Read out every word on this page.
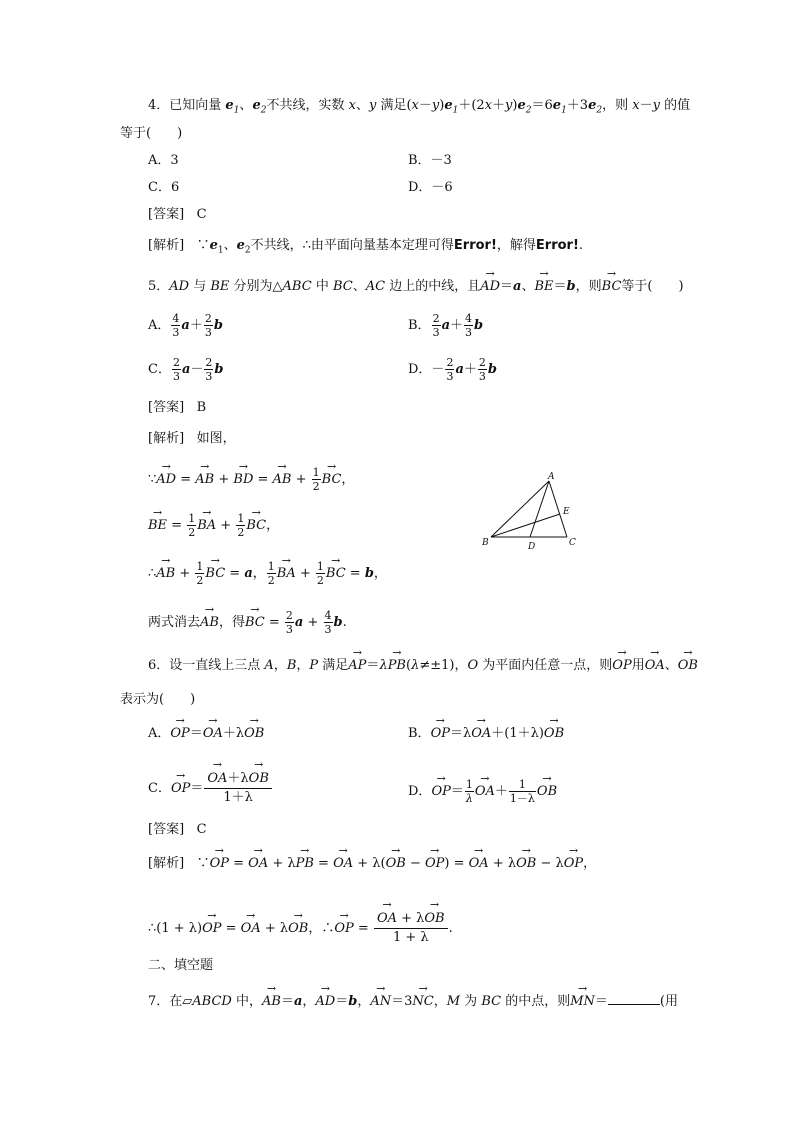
4．已知向量 $e_1$、$e_2$不共线，实数 x、y 满足$(x-y)e_1+(2x+y)e_2=6e_1+3e_2$，则 x－y 的值
等于(　　)
A．3	B．－3
C．6	D．－6
[答案] C
[解析] $\because e_1$、$e_2$不共线，∴由平面向量基本定理可得Error!，解得Error!.
5．AD 与 BE 分别为△ABC 中 BC、AC 边上的中线，且→ AD＝a、→ BE＝b，则→ BC等于(　　)
A． $\frac{4}{3} a+ \frac{2}{3}$ b	B． $\frac{2}{3} a+ \frac{4}{3}$ b
C． $\frac{2}{3} a- \frac{2}{3}$ b	D．－ $\frac{2}{3} a+ \frac{2}{3}$ b
[答案] B
[解析] 如图，
∵→ AD = → AB + → BD = → AB + $\frac{1}{2}$
→ BC，
→ BE = $\frac{1}{2}$
→ BA + $\frac{1}{2}$
→ BC，
∴→ AB + $\frac{1}{2}$
→ BC = a， $\frac{1}{2}$
→ BA + $\frac{1}{2}$
→ BC = b，
两式消去→ AB，得→ BC = $\frac{2}{3}$ $a + \frac{4}{3} b$.
A
B	C
D
E
6．设一直线上三点 A，B，P 满足→ AP＝λ→ PB(λ≠±1)，O 为平面内任意一点，则→ OP用→ OA、→ OB
表示为(　　)
A．→ OP＝→ OA＋λ→ OB	B．→ OP＝λ→ OA＋(1＋λ)→ OB
C．→ OP＝
→ OA＋λ→ OB
1＋λ	D．→ $OP= \frac{1}{\lambda}$
→ $OA+ \frac{1}{1-\lambda}$
→ OB
[答案] C
[解析] ∵→ OP = → OA + λ→ PB = → OA + λ(→ OB − → OP) = → OA + λ→ OB − λ→ OP，
∴(1 + λ)→ OP = → OA + λ→ OB，∴→ OP =
→ OA + λ→ OB
1 + λ
.
二、填空题
7．在▱ABCD 中，→ AB＝a，→ AD＝b，→ AN＝3→ NC，M 为 BC 的中点，则→ MN＝	(用
